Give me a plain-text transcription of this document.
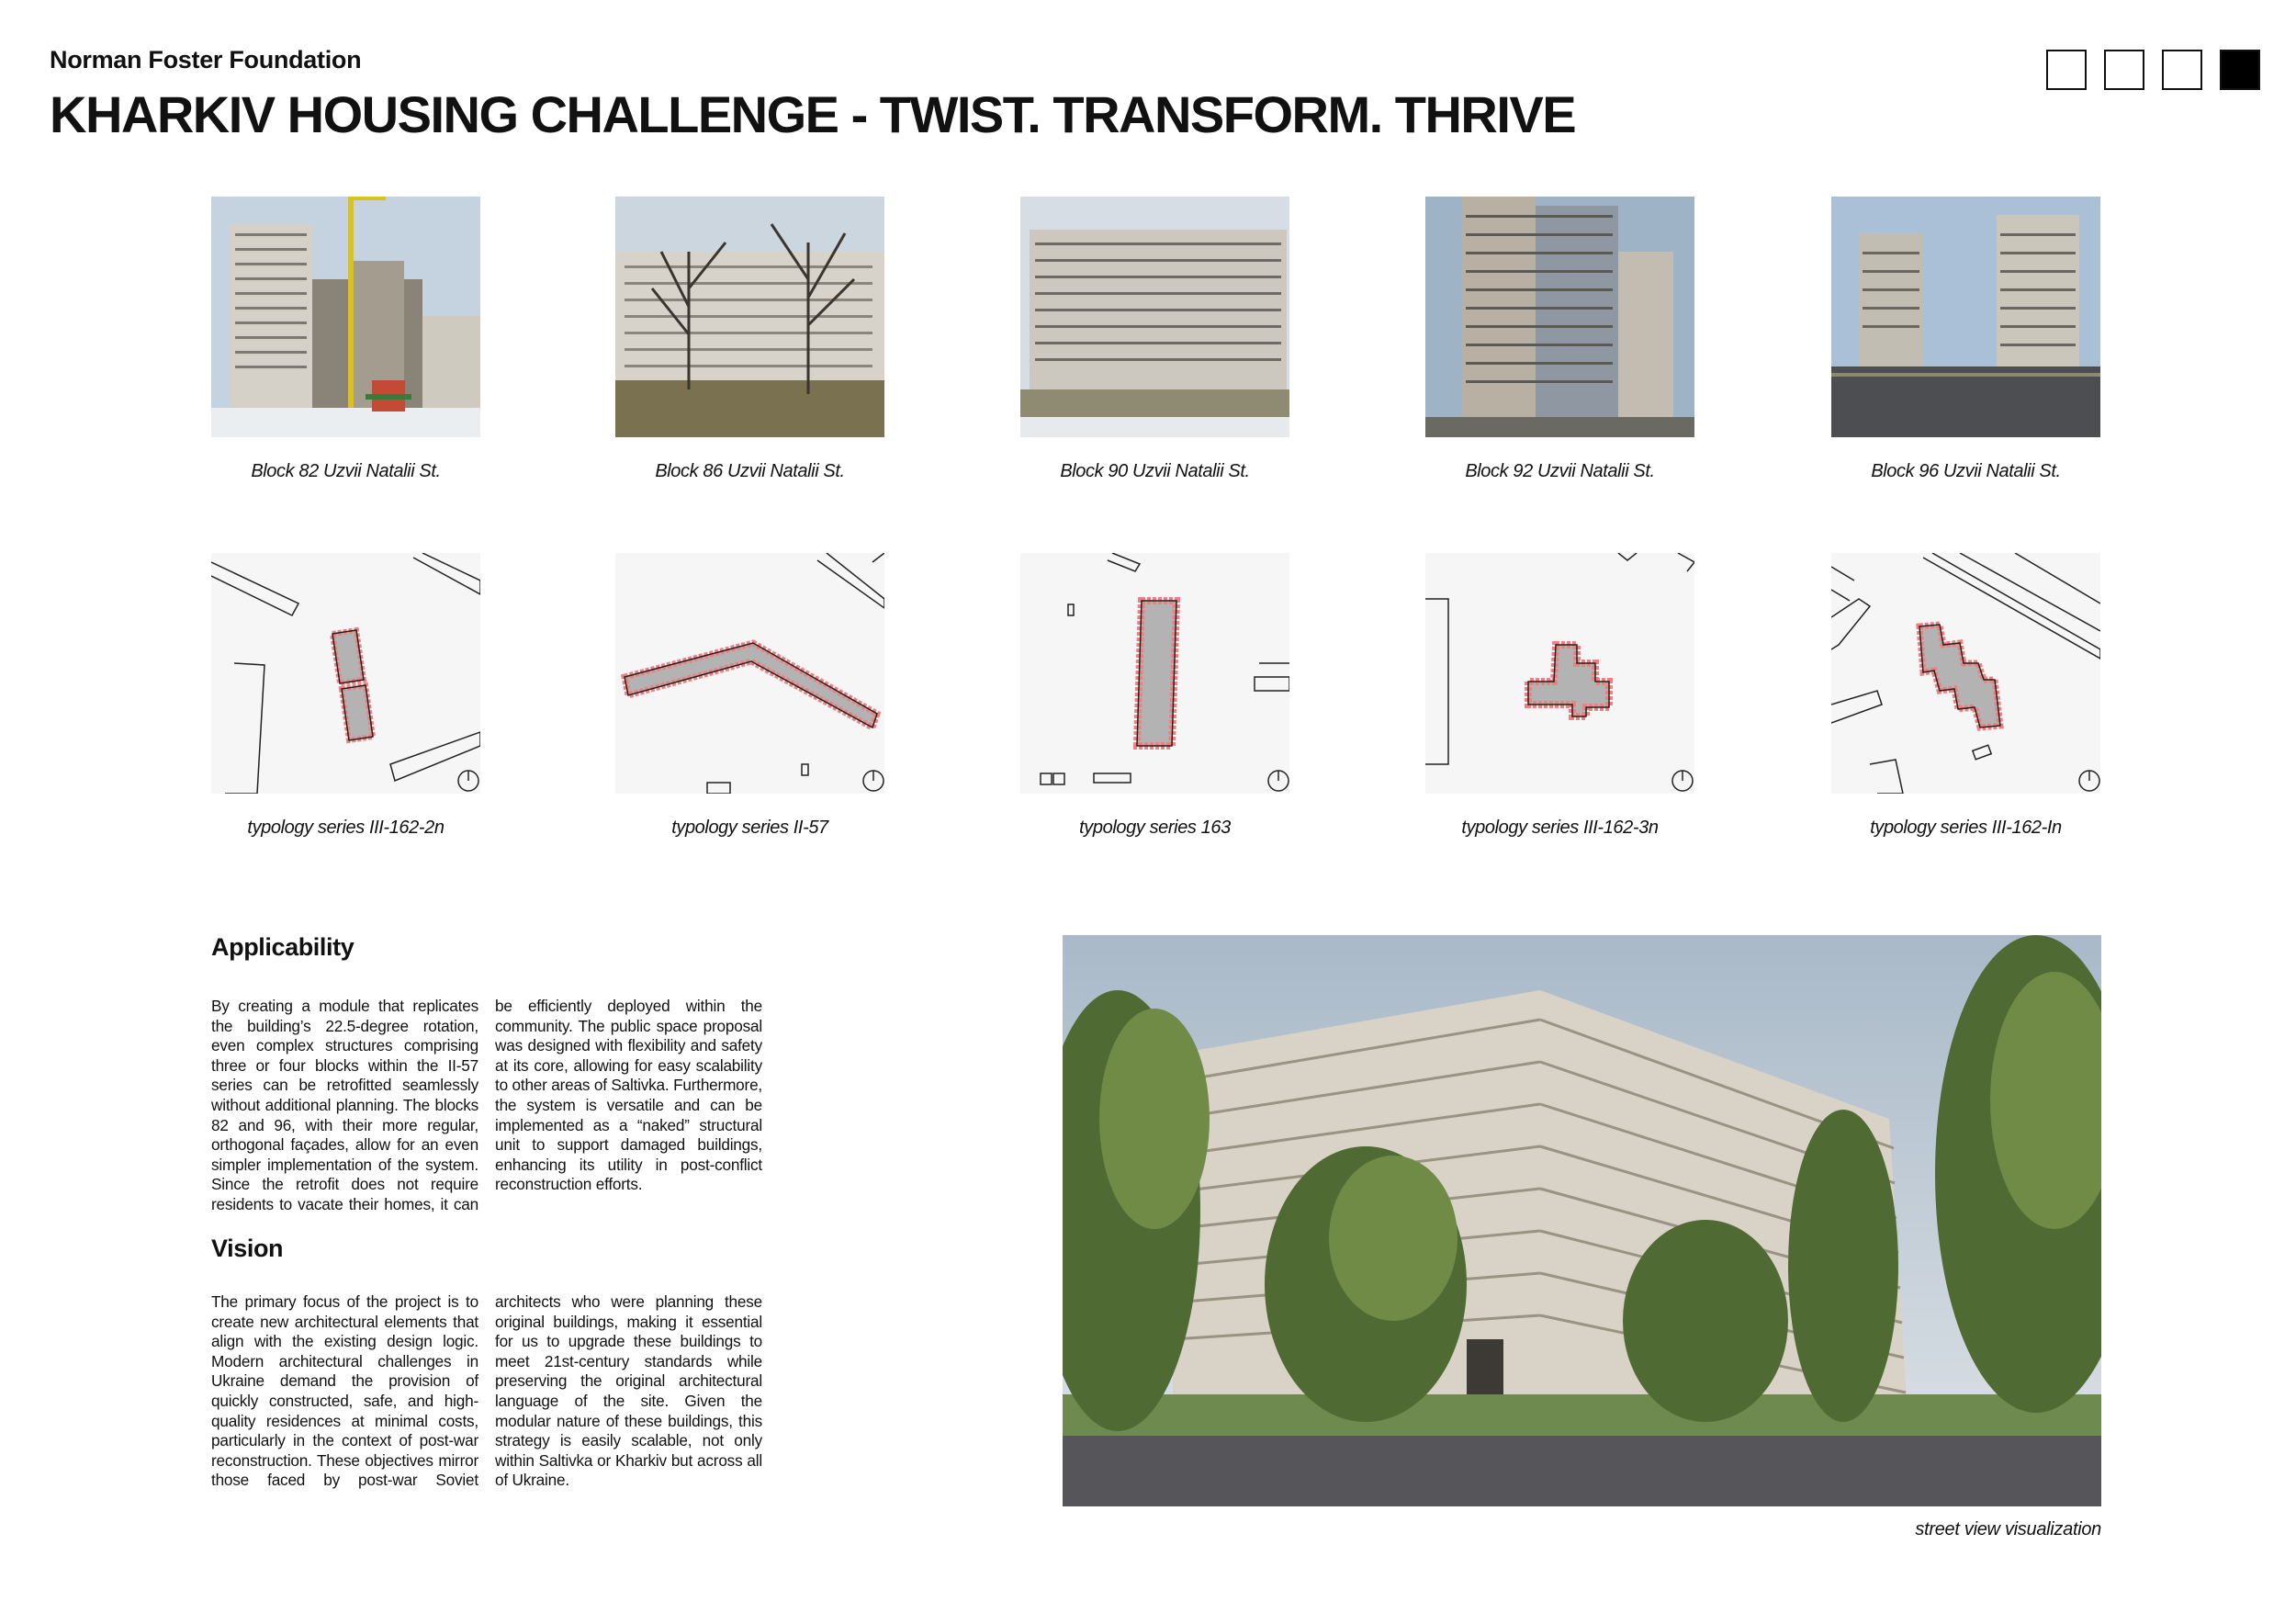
Norman Foster Foundation
KHARKIV HOUSING CHALLENGE - TWIST. TRANSFORM. THRIVE
Block 82 Uzvii Natalii St.	Block 86 Uzvii Natalii St.	Block 90 Uzvii Natalii St.	Block 92 Uzvii Natalii St.	Block 96 Uzvii Natalii St.
typology series III-162-2n	typology series II-57	typology series 163	typology series III-162-3n	typology series III-162-In
Applicability
By creating a module that replicates the building’s 22.5-degree rotation, even complex structures comprising three or four blocks within the II-57 series can be retrofitted seamlessly without additional planning. The blocks 82 and 96, with their more regular, orthogonal façades, allow for an even simpler implementation of the system. Since the retrofit does not require residents to vacate their homes, it can be efficiently deployed within the community. The public space proposal was designed with flexibility and safety at its core, allowing for easy scalability to other areas of Saltivka. Furthermore, the system is versatile and can be implemented as a “naked” structural unit to support damaged buildings, enhancing its utility in post-conflict reconstruction efforts.
Vision
The primary focus of the project is to create new architectural elements that align with the existing design logic. Modern architectural challenges in Ukraine demand the provision of quickly constructed, safe, and high-quality residences at minimal costs, particularly in the context of post-war reconstruction. These objectives mirror those faced by post-war Soviet architects who were planning these original buildings, making it essential for us to upgrade these buildings to meet 21st-century standards while preserving the original architectural language of the site. Given the modular nature of these buildings, this strategy is easily scalable, not only within Saltivka or Kharkiv but across all of Ukraine.
street view visualization
